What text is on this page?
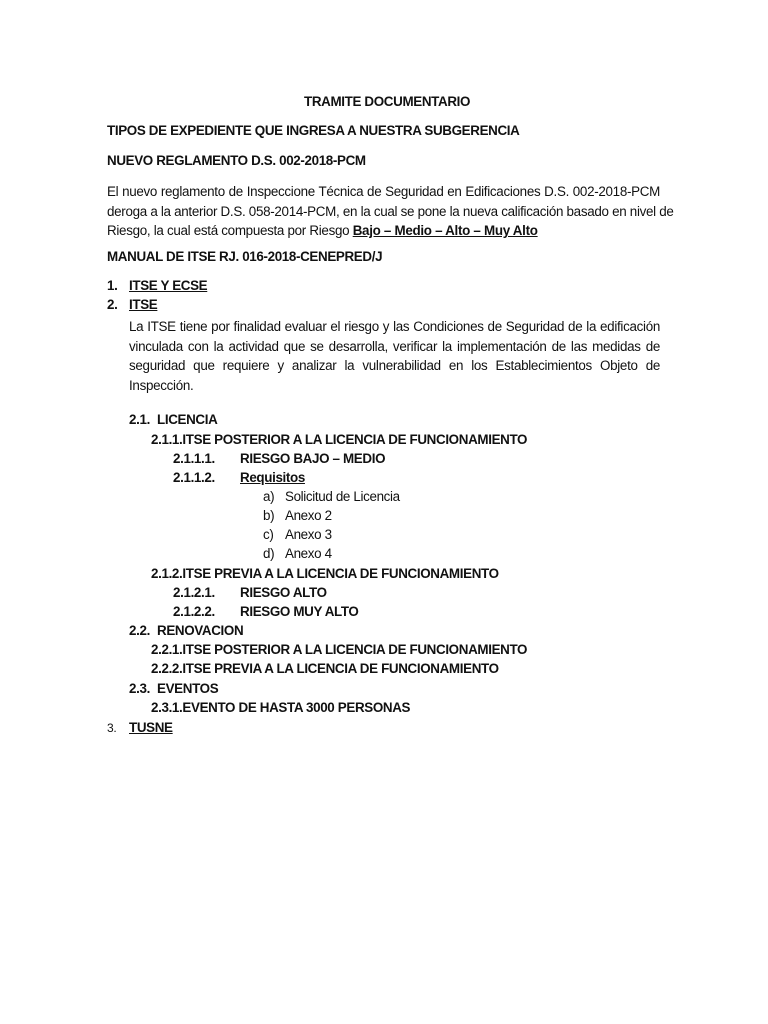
TRAMITE DOCUMENTARIO
TIPOS DE EXPEDIENTE QUE INGRESA A NUESTRA SUBGERENCIA
NUEVO REGLAMENTO D.S. 002-2018-PCM
El nuevo reglamento de Inspeccione Técnica de Seguridad en Edificaciones D.S. 002-2018-PCM
deroga a la anterior D.S. 058-2014-PCM, en la cual se pone la nueva calificación basado en nivel de
Riesgo, la cual está compuesta por Riesgo Bajo – Medio – Alto – Muy Alto
MANUAL DE ITSE RJ. 016-2018-CENEPRED/J
1. ITSE Y ECSE
2. ITSE
La ITSE tiene por finalidad evaluar el riesgo y las Condiciones de Seguridad de la edificación
vinculada con la actividad que se desarrolla, verificar la implementación de las medidas de
seguridad que requiere y analizar la vulnerabilidad en los Establecimientos Objeto de
Inspección.
2.1. LICENCIA
2.1.1.ITSE POSTERIOR A LA LICENCIA DE FUNCIONAMIENTO
2.1.1.1. RIESGO BAJO – MEDIO
2.1.1.2. Requisitos
a) Solicitud de Licencia
b) Anexo 2
c) Anexo 3
d) Anexo 4
2.1.2.ITSE PREVIA A LA LICENCIA DE FUNCIONAMIENTO
2.1.2.1. RIESGO ALTO
2.1.2.2. RIESGO MUY ALTO
2.2. RENOVACION
2.2.1.ITSE POSTERIOR A LA LICENCIA DE FUNCIONAMIENTO
2.2.2.ITSE PREVIA A LA LICENCIA DE FUNCIONAMIENTO
2.3. EVENTOS
2.3.1.EVENTO DE HASTA 3000 PERSONAS
3. TUSNE
